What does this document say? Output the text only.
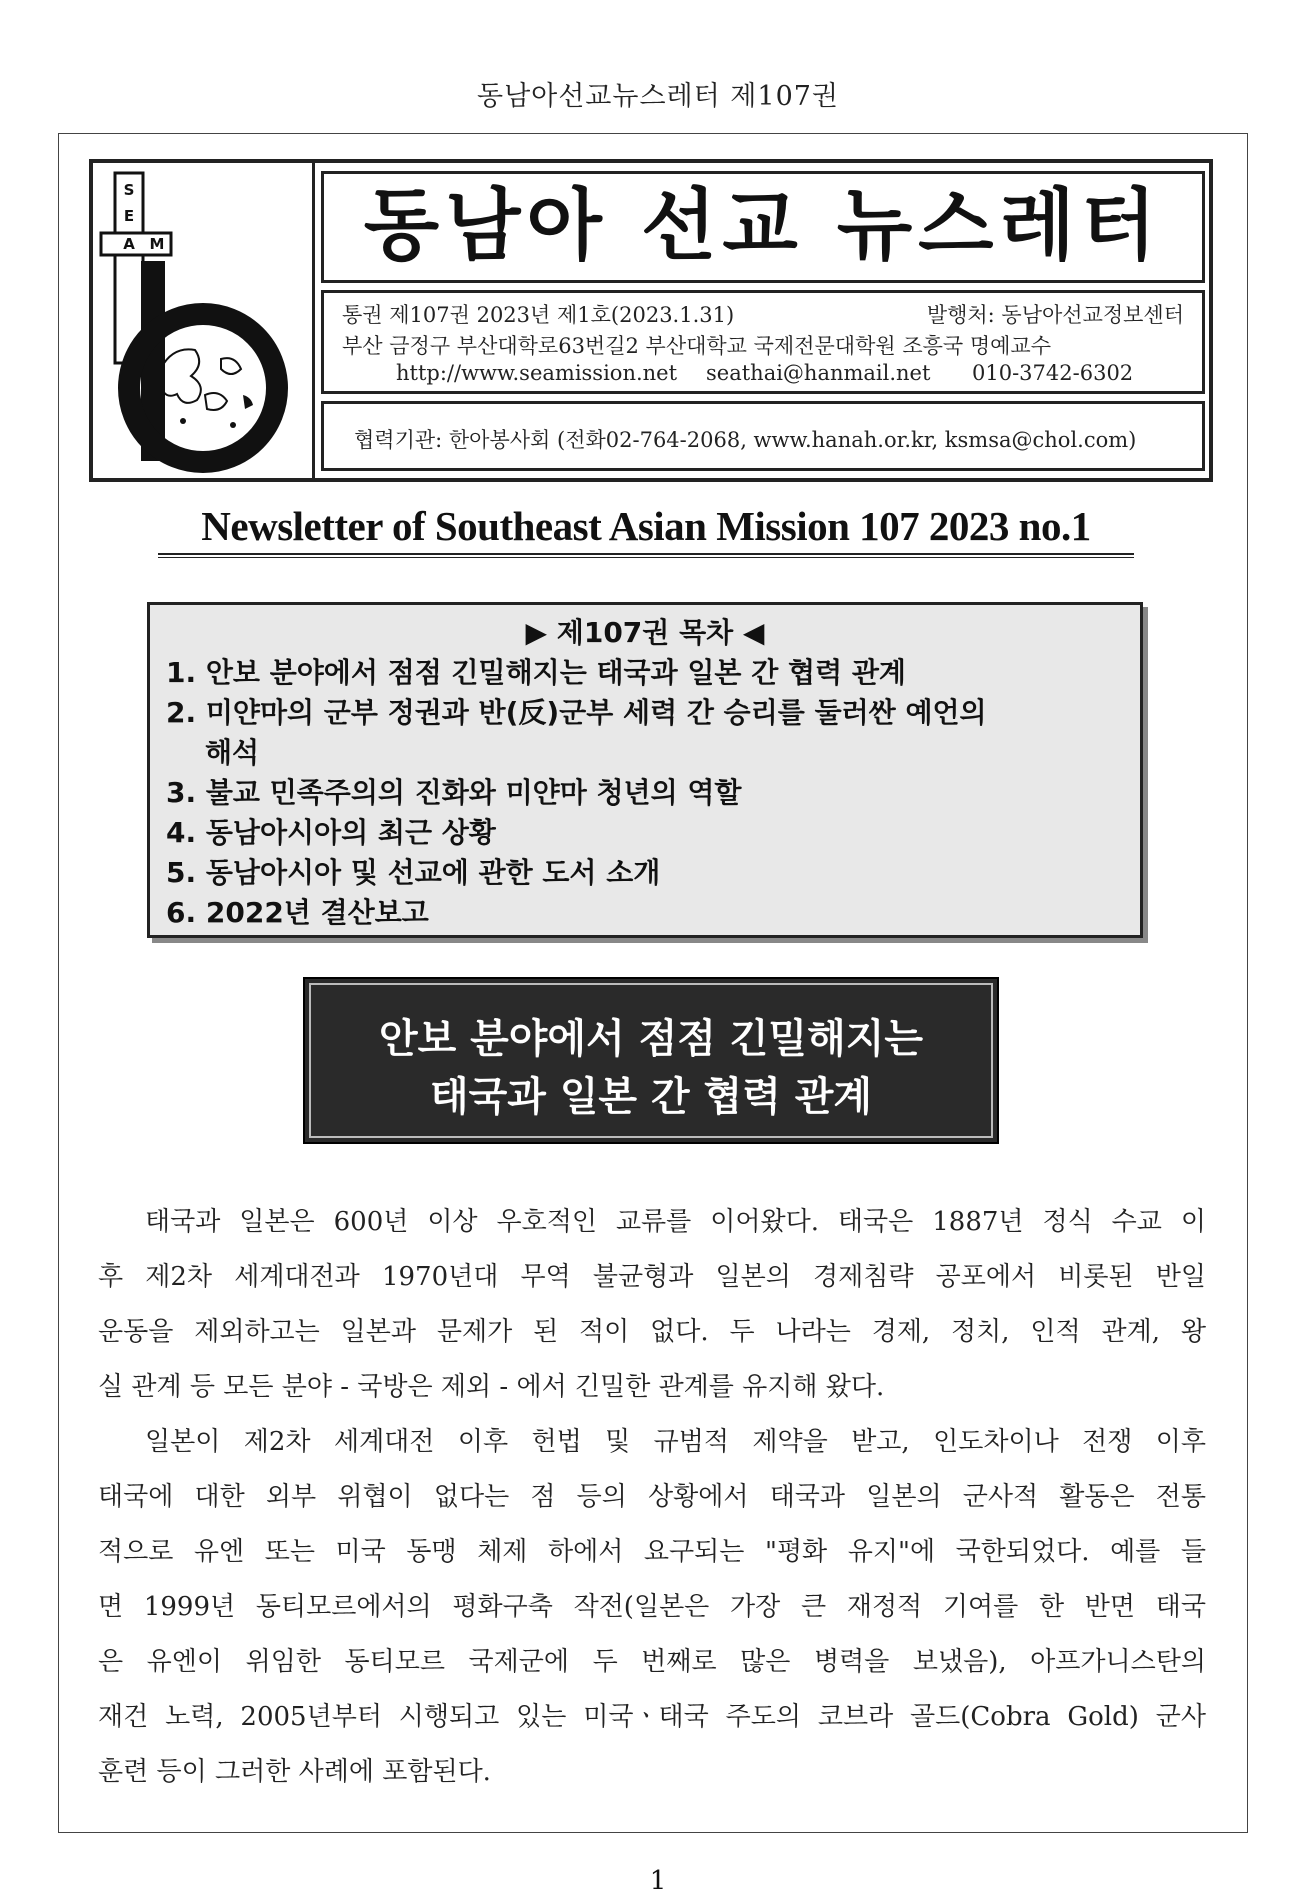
동남아선교뉴스레터 제107권
S
E
A M	동남아 선교 뉴스레터
통권 제107권 2023년 제1호(2023.1.31)	발행처: 동남아선교정보센터
부산 금정구 부산대학로63번길2 부산대학교 국제전문대학원 조흥국 명예교수
http://www.seamission.net seathai@hanmail.net 010-3742-6302
협력기관: 한아봉사회 (전화02-764-2068, www.hanah.or.kr, ksmsa@chol.com)
Newsletter of Southeast Asian Mission 107 2023 no.1
▶ 제107권 목차 ◀
1. 안보 분야에서 점점 긴밀해지는 태국과 일본 간 협력 관계
2. 미얀마의 군부 정권과 반(反)군부 세력 간 승리를 둘러싼 예언의
해석
3. 불교 민족주의의 진화와 미얀마 청년의 역할
4. 동남아시아의 최근 상황
5. 동남아시아 및 선교에 관한 도서 소개
6. 2022년 결산보고
안보 분야에서 점점 긴밀해지는
태국과 일본 간 협력 관계
태국과 일본은 600년 이상 우호적인 교류를 이어왔다. 태국은 1887년 정식 수교 이
후 제2차 세계대전과 1970년대 무역 불균형과 일본의 경제침략 공포에서 비롯된 반일
운동을 제외하고는 일본과 문제가 된 적이 없다. 두 나라는 경제, 정치, 인적 관계, 왕
실 관계 등 모든 분야 - 국방은 제외 - 에서 긴밀한 관계를 유지해 왔다.
일본이 제2차 세계대전 이후 헌법 및 규범적 제약을 받고, 인도차이나 전쟁 이후
태국에 대한 외부 위협이 없다는 점 등의 상황에서 태국과 일본의 군사적 활동은 전통
적으로 유엔 또는 미국 동맹 체제 하에서 요구되는 "평화 유지"에 국한되었다. 예를 들
면 1999년 동티모르에서의 평화구축 작전(일본은 가장 큰 재정적 기여를 한 반면 태국
은 유엔이 위임한 동티모르 국제군에 두 번째로 많은 병력을 보냈음), 아프가니스탄의
재건 노력, 2005년부터 시행되고 있는 미국ㆍ태국 주도의 코브라 골드(Cobra Gold) 군사
훈련 등이 그러한 사례에 포함된다.
1
